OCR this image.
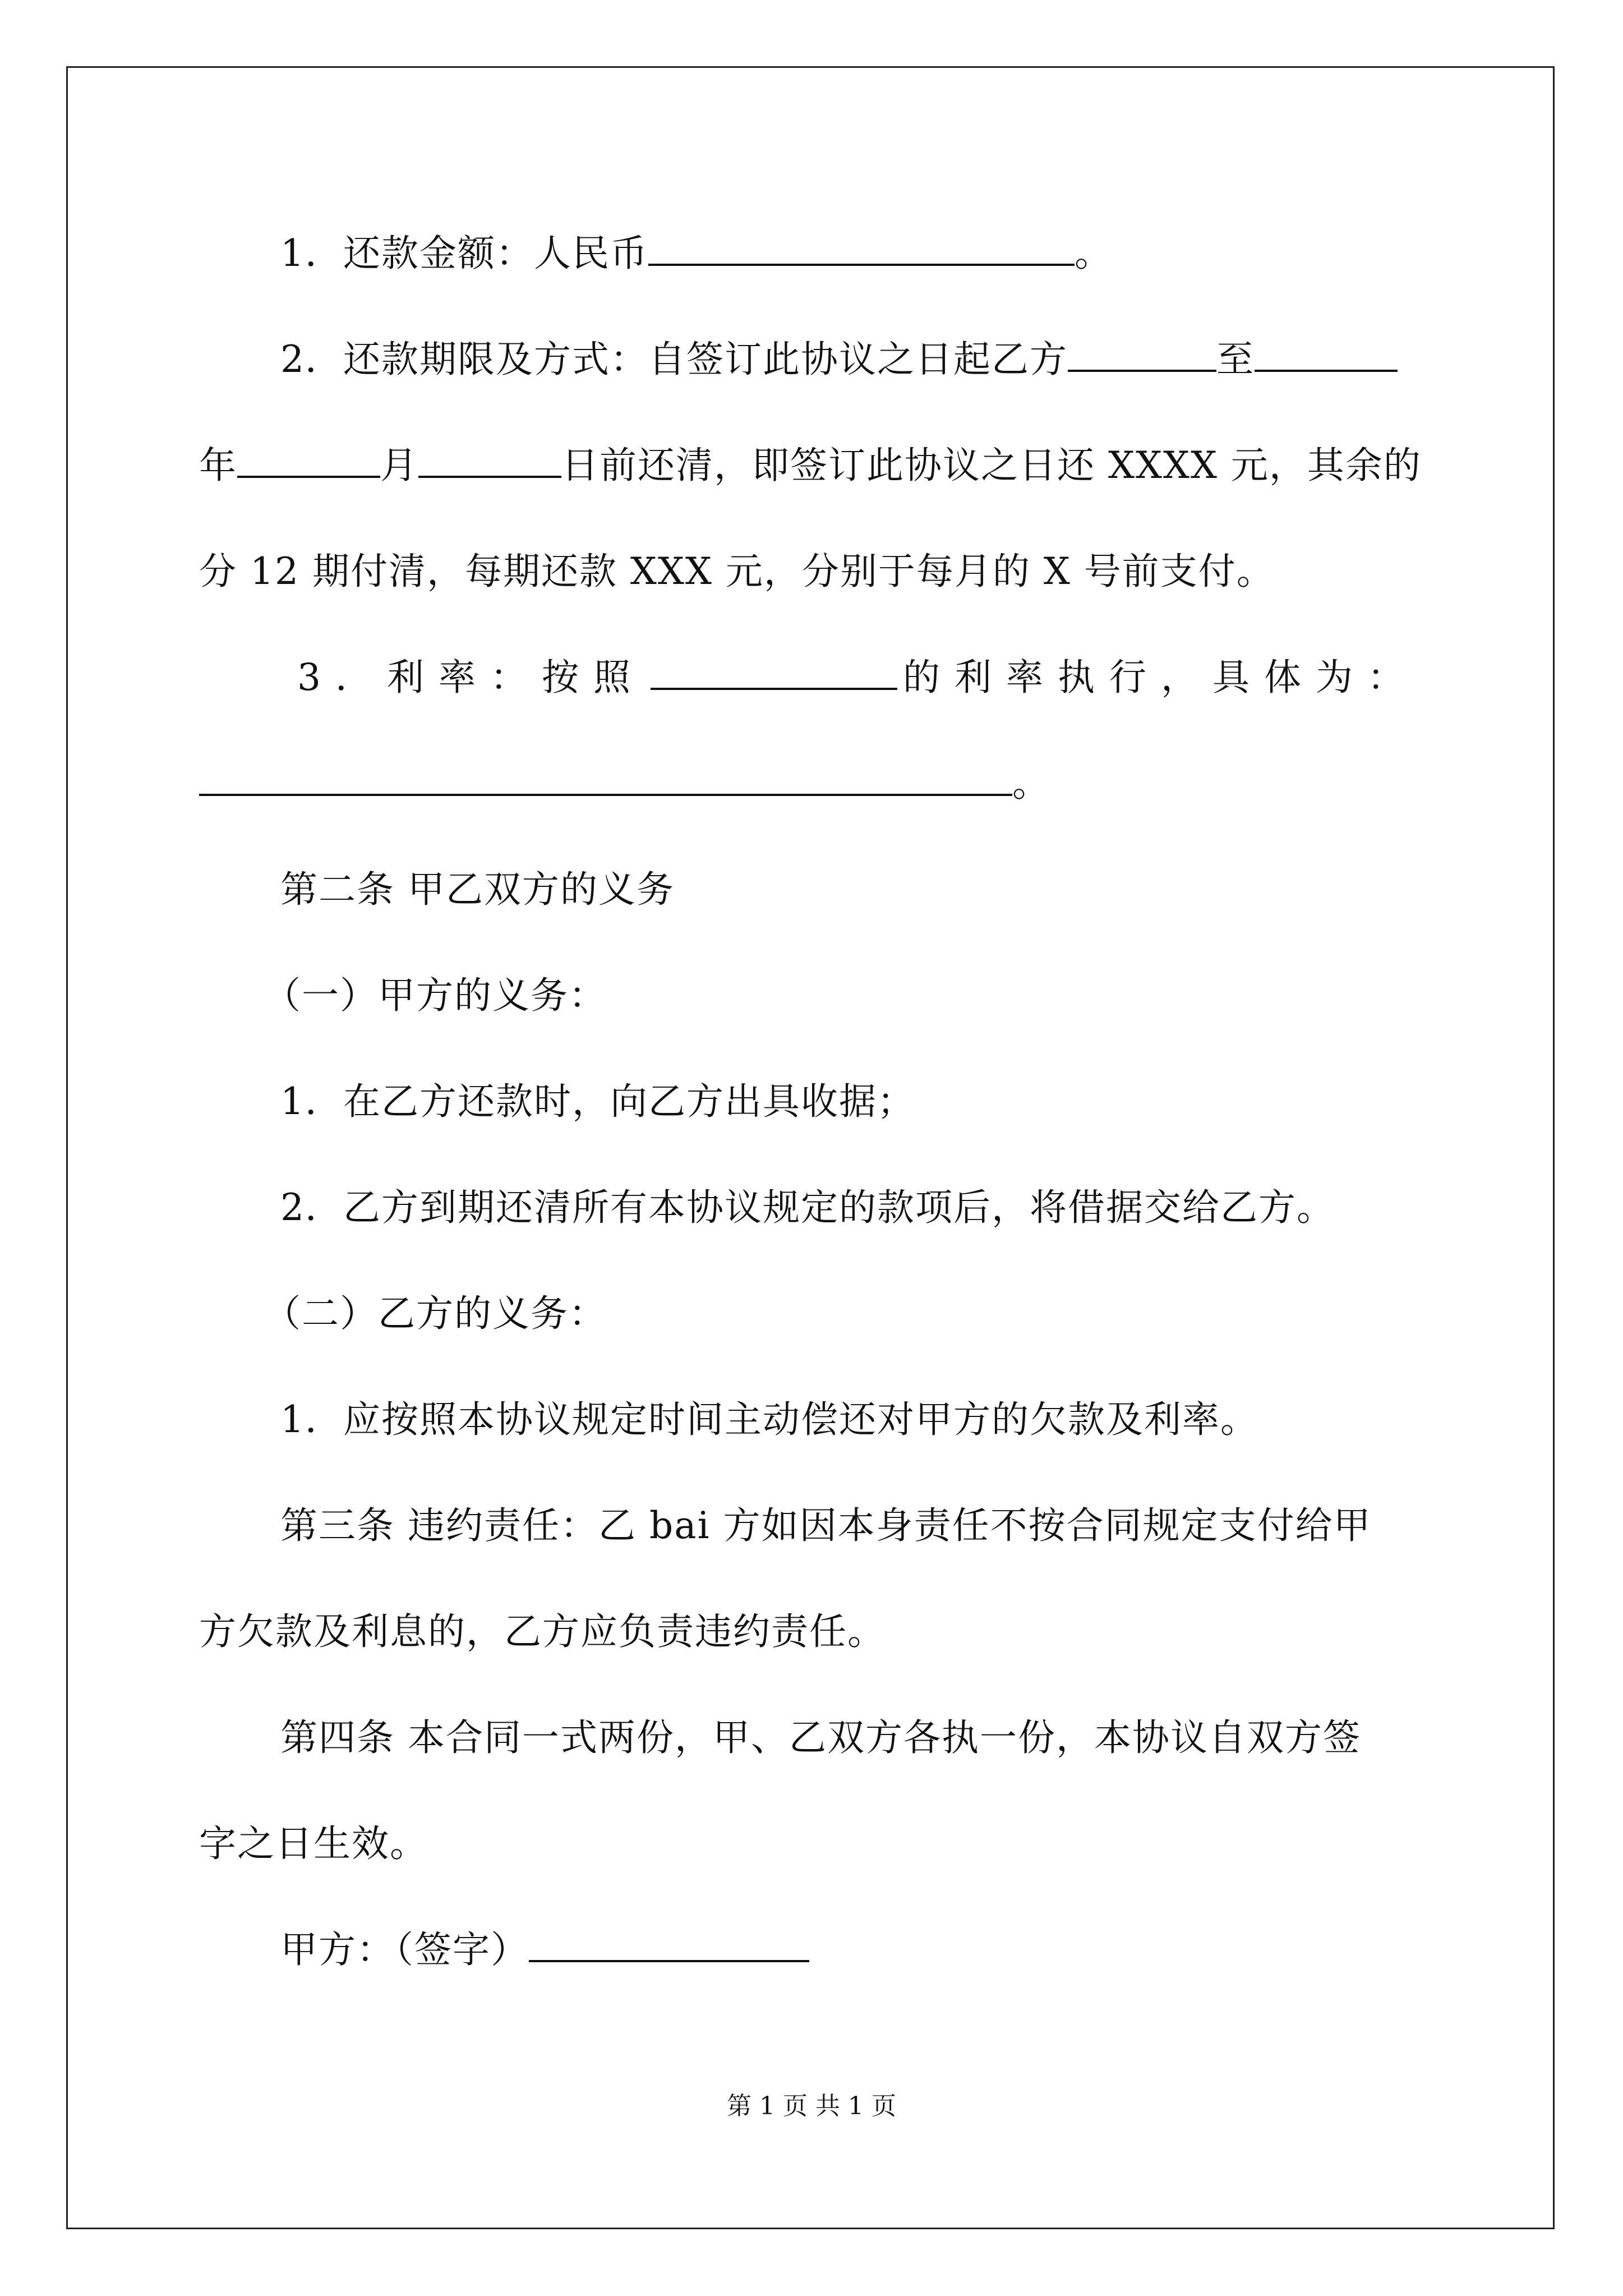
1．还款金额：人民币	。
2．还款期限及方式：自签订此协议之日起乙方	至
年	月	日前还清，即签订此协议之日还 XXXX 元，其余的
分 12 期付清，每期还款 XXX 元，分别于每月的 X 号前支付。
3．利率：按照	的利率执行，具体为：
。
第二条 甲乙双方的义务
（一）甲方的义务：
1．在乙方还款时，向乙方出具收据；
2．乙方到期还清所有本协议规定的款项后，将借据交给乙方。
（二）乙方的义务：
1．应按照本协议规定时间主动偿还对甲方的欠款及利率。
第三条 违约责任：乙 bai 方如因本身责任不按合同规定支付给甲
方欠款及利息的，乙方应负责违约责任。
第四条 本合同一式两份，甲、乙双方各执一份，本协议自双方签
字之日生效。
甲方：（签字）
第 1 页 共 1 页
